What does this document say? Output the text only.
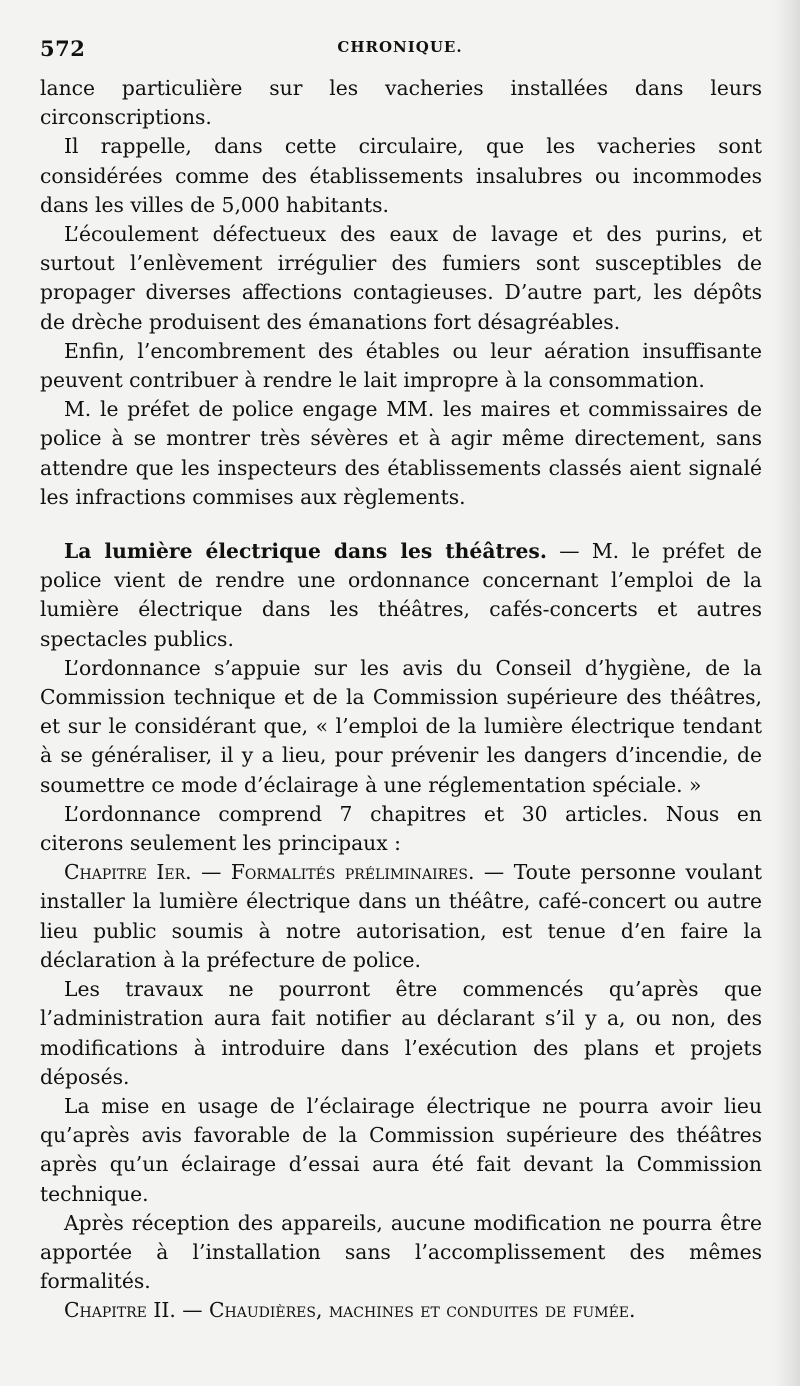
572	CHRONIQUE.

lance particulière sur les vacheries installées dans leurs circonscriptions.

Il rappelle, dans cette circulaire, que les vacheries sont considérées comme des établissements insalubres ou incommodes dans les villes de 5,000 habitants.

L’écoulement défectueux des eaux de lavage et des purins, et surtout l’enlèvement irrégulier des fumiers sont susceptibles de propager diverses affections contagieuses. D’autre part, les dépôts de drèche produisent des émanations fort désagréables.

Enfin, l’encombrement des étables ou leur aération insuffisante peuvent contribuer à rendre le lait impropre à la consommation.

M. le préfet de police engage MM. les maires et commissaires de police à se montrer très sévères et à agir même directement, sans attendre que les inspecteurs des établissements classés aient signalé les infractions commises aux règlements.

La lumière électrique dans les théâtres. — M. le préfet de police vient de rendre une ordonnance concernant l’emploi de la lumière électrique dans les théâtres, cafés-concerts et autres spectacles publics.

L’ordonnance s’appuie sur les avis du Conseil d’hygiène, de la Commission technique et de la Commission supérieure des théâtres, et sur le considérant que, « l’emploi de la lumière électrique tendant à se généraliser, il y a lieu, pour prévenir les dangers d’incendie, de soumettre ce mode d’éclairage à une réglementation spéciale. »

L’ordonnance comprend 7 chapitres et 30 articles. Nous en citerons seulement les principaux :

Chapitre Ier. — Formalités préliminaires. — Toute personne voulant installer la lumière électrique dans un théâtre, café-concert ou autre lieu public soumis à notre autorisation, est tenue d’en faire la déclaration à la préfecture de police.

Les travaux ne pourront être commencés qu’après que l’administration aura fait notifier au déclarant s’il y a, ou non, des modifications à introduire dans l’exécution des plans et projets déposés.

La mise en usage de l’éclairage électrique ne pourra avoir lieu qu’après avis favorable de la Commission supérieure des théâtres après qu’un éclairage d’essai aura été fait devant la Commission technique.

Après réception des appareils, aucune modification ne pourra être apportée à l’installation sans l’accomplissement des mêmes formalités.

Chapitre II. — Chaudières, machines et conduites de fumée.
